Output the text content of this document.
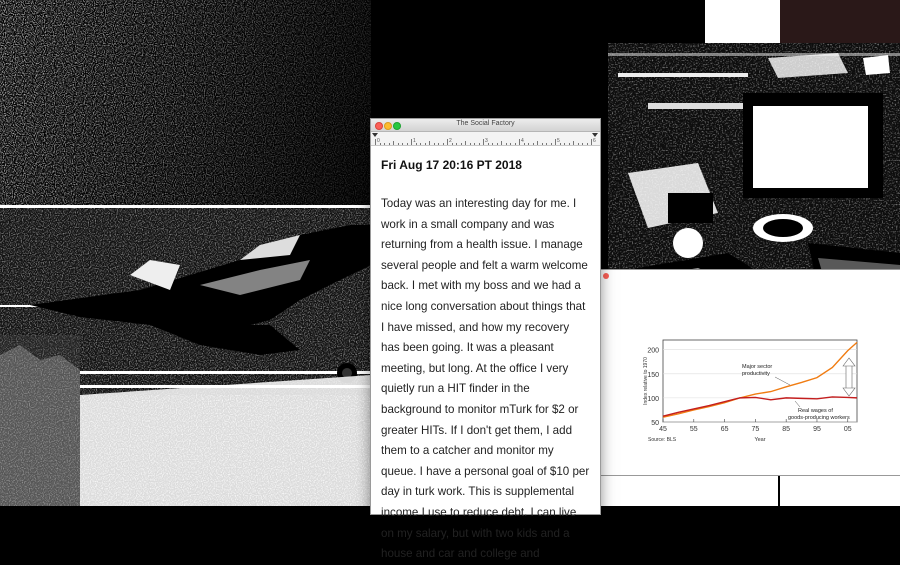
50
100
150
200
45	55	65	75	85	95	05
Index relative to 1970
Year
Source: BLS
Major sector
productivity
Real wages of
goods-producing workers
The Social Factory
0	1	2	3	4	5	6
Fri Aug 17 20:16 PT 2018

Today was an interesting day for me. I work in a small company and was returning from a health issue. I manage several people and felt a warm welcome back. I met with my boss and we had a nice long conversation about things that I have missed, and how my recovery has been going. It was a pleasant meeting, but long. At the office I very quietly run a HIT finder in the background to monitor mTurk for $2 or greater HITs. If I don't get them, I add them to a catcher and monitor my queue. I have a personal goal of $10 per day in turk work. This is supplemental income I use to reduce debt. I can live on my salary, but with two kids and a house and car and college and
